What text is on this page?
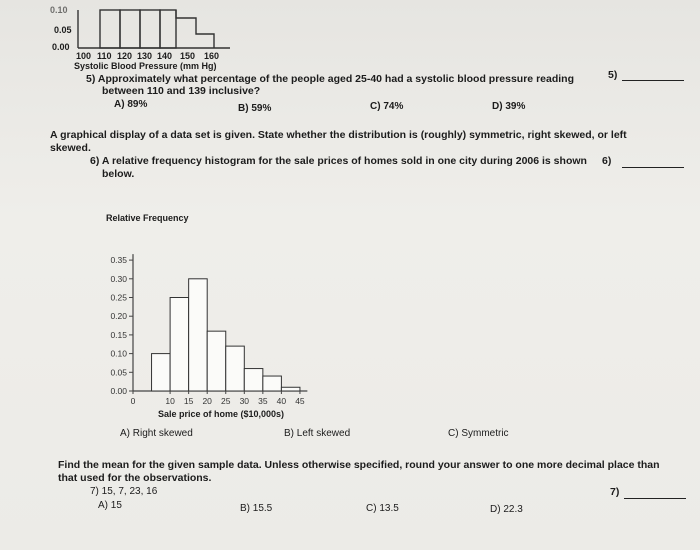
0.10
0.05
0.00
100 110 120 130 140 150 160
Systolic Blood Pressure (mm Hg)
5) Approximately what percentage of the people aged 25-40 had a systolic blood pressure reading	5)
between 110 and 139 inclusive?
A) 89%	B) 59%	C) 74%	D) 39%
A graphical display of a data set is given. State whether the distribution is (roughly) symmetric, right skewed, or left
skewed.
6) A relative frequency histogram for the sale prices of homes sold in one city during 2006 is shown 6)
below.
Relative Frequency
0.35
0.30
0.25
0.20
0.15
0.10
0.05
0.00
0	10 15 20 25 30 35 40 45
Sale price of home ($10,000s)
A) Right skewed	B) Left skewed	C) Symmetric
Find the mean for the given sample data. Unless otherwise specified, round your answer to one more decimal place than
that used for the observations.
7) 15, 7, 23, 16	7)
A) 15	B) 15.5	C) 13.5	D) 22.3
